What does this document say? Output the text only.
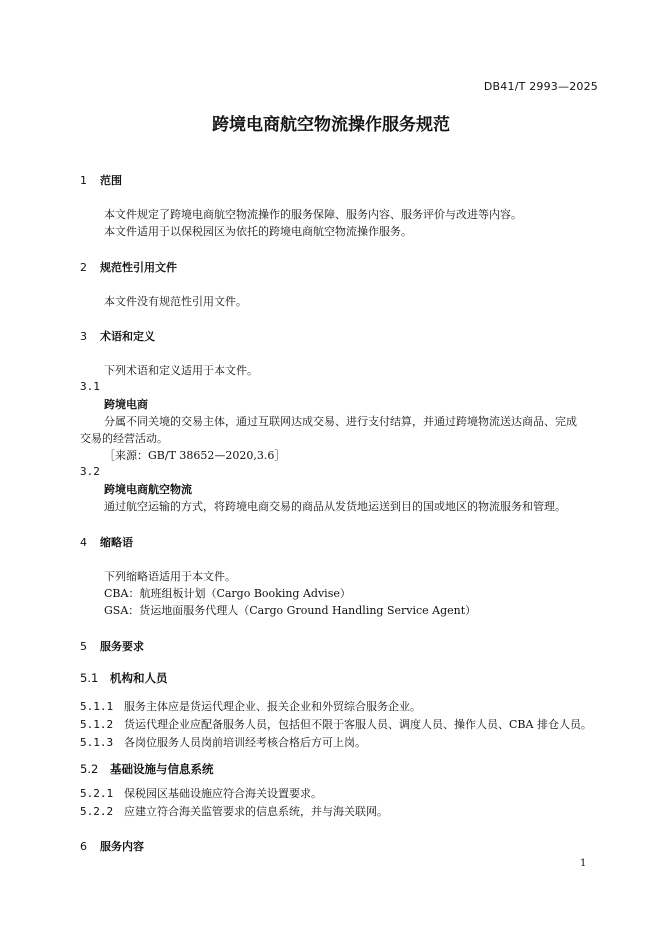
DB41/T 2993—2025
跨境电商航空物流操作服务规范
1 范围
本文件规定了跨境电商航空物流操作的服务保障、服务内容、服务评价与改进等内容。
本文件适用于以保税园区为依托的跨境电商航空物流操作服务。
2 规范性引用文件
本文件没有规范性引用文件。
3 术语和定义
下列术语和定义适用于本文件。
3.1
跨境电商
分属不同关境的交易主体，通过互联网达成交易、进行支付结算，并通过跨境物流送达商品、完成
交易的经营活动。
［来源：GB/T 38652—2020,3.6］
3.2
跨境电商航空物流
通过航空运输的方式，将跨境电商交易的商品从发货地运送到目的国或地区的物流服务和管理。
4 缩略语
下列缩略语适用于本文件。
CBA：航班组板计划（Cargo Booking Advise）
GSA：货运地面服务代理人（Cargo Ground Handling Service Agent）
5 服务要求
5.1 机构和人员
5.1.1 服务主体应是货运代理企业、报关企业和外贸综合服务企业。
5.1.2 货运代理企业应配备服务人员，包括但不限于客服人员、调度人员、操作人员、CBA 排仓人员。
5.1.3 各岗位服务人员岗前培训经考核合格后方可上岗。
5.2 基础设施与信息系统
5.2.1 保税园区基础设施应符合海关设置要求。
5.2.2 应建立符合海关监管要求的信息系统，并与海关联网。
6 服务内容
1
